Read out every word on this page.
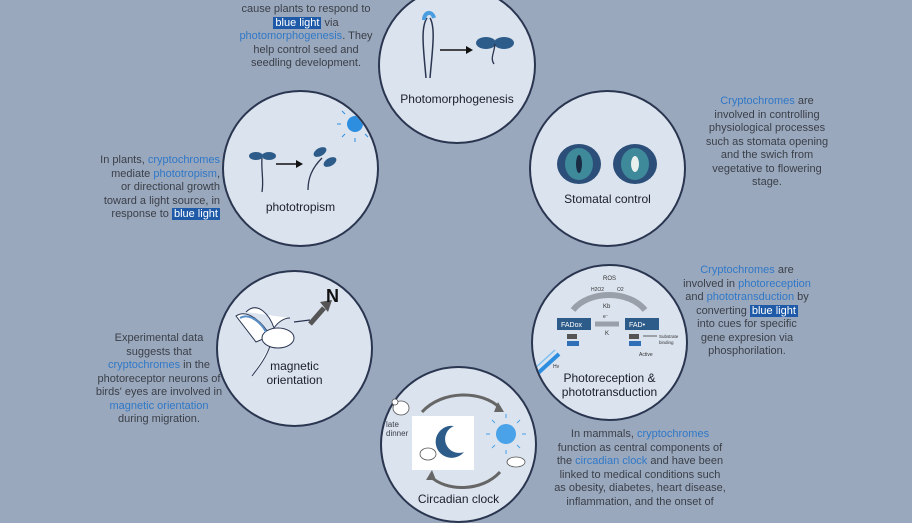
Photomorphogenesis
phototropism
Stomatal control
N
magnetic
orientation
ROS
H2O2	O2
Kb
FADox
e⁻
K
FAD•
Substrate
binding
Active
Hv
Photoreception &
phototransduction
Circadian clock
late
dinner
cause plants to respond to
blue light via
photomorphogenesis. They
help control seed and
seedling development.
In plants, cryptochromes
mediate phototropism,
or directional growth
toward a light source, in
response to blue light
Cryptochromes are
involved in controlling
physiological processes
such as stomata opening
and the swich from
vegetative to flowering
stage.
Cryptochromes are
involved in photoreception
and phototransduction by
converting blue light
into cues for specific
gene expresion via
phosphorilation.
Experimental data
suggests that
cryptochromes in the
photoreceptor neurons of
birds' eyes are involved in
magnetic orientation
during migration.
In mammals, cryptochromes
function as central components of
the circadian clock and have been
linked to medical conditions such
as obesity, diabetes, heart disease,
inflammation, and the onset of
